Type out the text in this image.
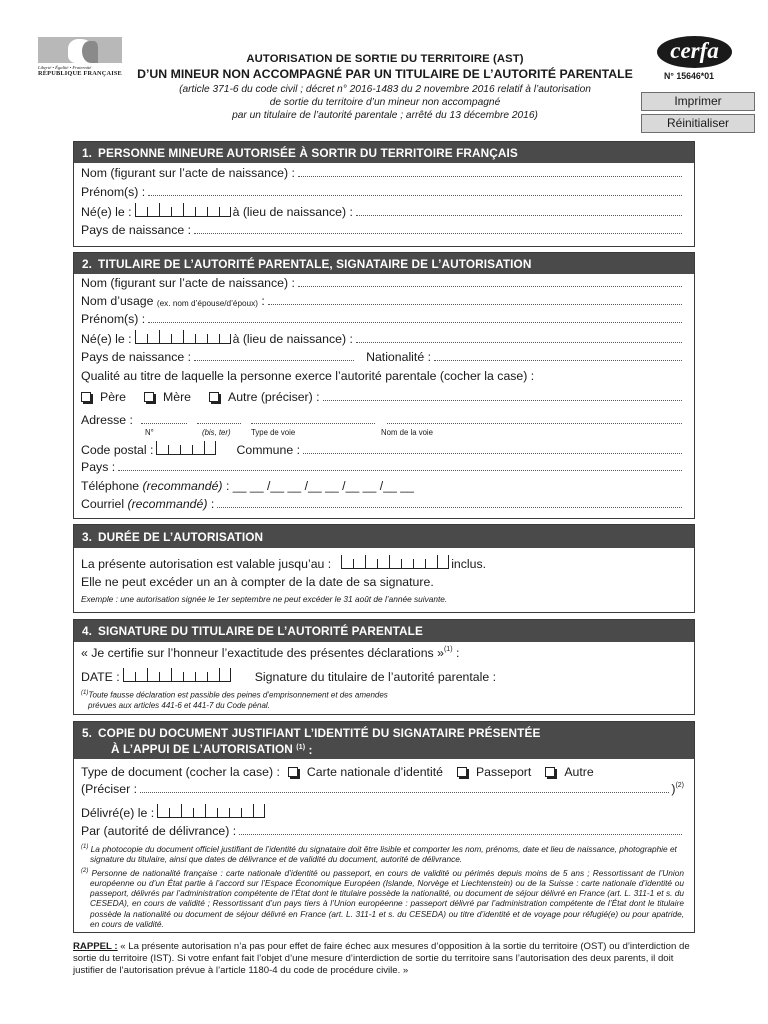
Liberté • Égalité • Fraternité
RÉPUBLIQUE FRANÇAISE
AUTORISATION DE SORTIE DU TERRITOIRE (AST)
D’UN MINEUR NON ACCOMPAGNÉ PAR UN TITULAIRE DE L’AUTORITÉ PARENTALE
(article 371-6 du code civil ; décret n° 2016-1483 du 2 novembre 2016 relatif à l’autorisation
de sortie du territoire d’un mineur non accompagné
par un titulaire de l’autorité parentale ; arrêté du 13 décembre 2016)
cerfa
N° 15646*01
Imprimer
Réinitialiser
1. PERSONNE MINEURE AUTORISÉE À SORTIR DU TERRITOIRE FRANÇAIS
Nom (figurant sur l’acte de naissance) :
Prénom(s) :
Né(e) le :	à (lieu de naissance) :
Pays de naissance :
2. TITULAIRE DE L’AUTORITÉ PARENTALE, SIGNATAIRE DE L’AUTORISATION
Nom (figurant sur l’acte de naissance) :
Nom d’usage
(ex. nom d’épouse/d’époux)
:
Prénom(s) :
Né(e) le :	à (lieu de naissance) :
Pays de naissance :	Nationalité :
Qualité au titre de laquelle la personne exerce l’autorité parentale (cocher la case) :
Père	Mère	Autre (préciser) :
Adresse :
N°	(bis, ter)	Type de voie	Nom de la voie
Code postal :	Commune :
Pays :
Téléphone
(recommandé)
: __ __ /__ __ /__ __ /__ __ /__ __
Courriel
(recommandé)
:
3. DURÉE DE L’AUTORISATION
La présente autorisation est valable jusqu’au :	inclus.
Elle ne peut excéder un an à compter de la date de sa signature.
Exemple : une autorisation signée le 1er septembre ne peut excéder le 31 août de l’année suivante.
4. SIGNATURE DU TITULAIRE DE L’AUTORITÉ PARENTALE
« Je certifie sur l’honneur l’exactitude des présentes déclarations »$^{(1)}$
:
DATE :	Signature du titulaire de l’autorité parentale :
$^{(1)}$Toute fausse déclaration est passible des peines d’emprisonnement et des amendes
prévues aux articles 441-6 et 441-7 du Code pénal.
5. COPIE DU DOCUMENT JUSTIFIANT L’IDENTITÉ DU SIGNATAIRE PRÉSENTÉE
À L’APPUI DE L’AUTORISATION $^{(1)}$ :
Type de document (cocher la case) : Carte nationale d’identité	Passeport	Autre
(Préciser :	)$^{(2)}$
Délivré(e) le :
Par (autorité de délivrance) :
$^{(1)}$ La photocopie du document officiel justifiant de l’identité du signataire doit être lisible et comporter les nom, prénoms, date et lieu de naissance, photographie et signature du titulaire, ainsi que dates de délivrance et de validité du document, autorité de délivrance.
$^{(2)}$ Personne de nationalité française : carte nationale d’identité ou passeport, en cours de validité ou périmés depuis moins de 5 ans ; Ressortissant de l’Union européenne ou d’un État partie à l’accord sur l’Espace Économique Européen (Islande, Norvège et Liechtenstein) ou de la Suisse : carte nationale d’identité ou passeport, délivrés par l’administration compétente de l’État dont le titulaire possède la nationalité, ou document de séjour délivré en France (art. L. 311-1 et s. du CESEDA), en cours de validité ; Ressortissant d’un pays tiers à l’Union européenne : passeport délivré par l’administration compétente de l’État dont le titulaire possède la nationalité ou document de séjour délivré en France (art. L. 311-1 et s. du CESEDA) ou titre d’identité et de voyage pour réfugié(e) ou pour apatride, en cours de validité.
RAPPEL : « La présente autorisation n’a pas pour effet de faire échec aux mesures d’opposition à la sortie du territoire (OST) ou d’interdiction de sortie du territoire (IST). Si votre enfant fait l’objet d’une mesure d’interdiction de sortie du territoire sans l’autorisation des deux parents, il doit justifier de l’autorisation prévue à l’article 1180-4 du code de procédure civile. »
